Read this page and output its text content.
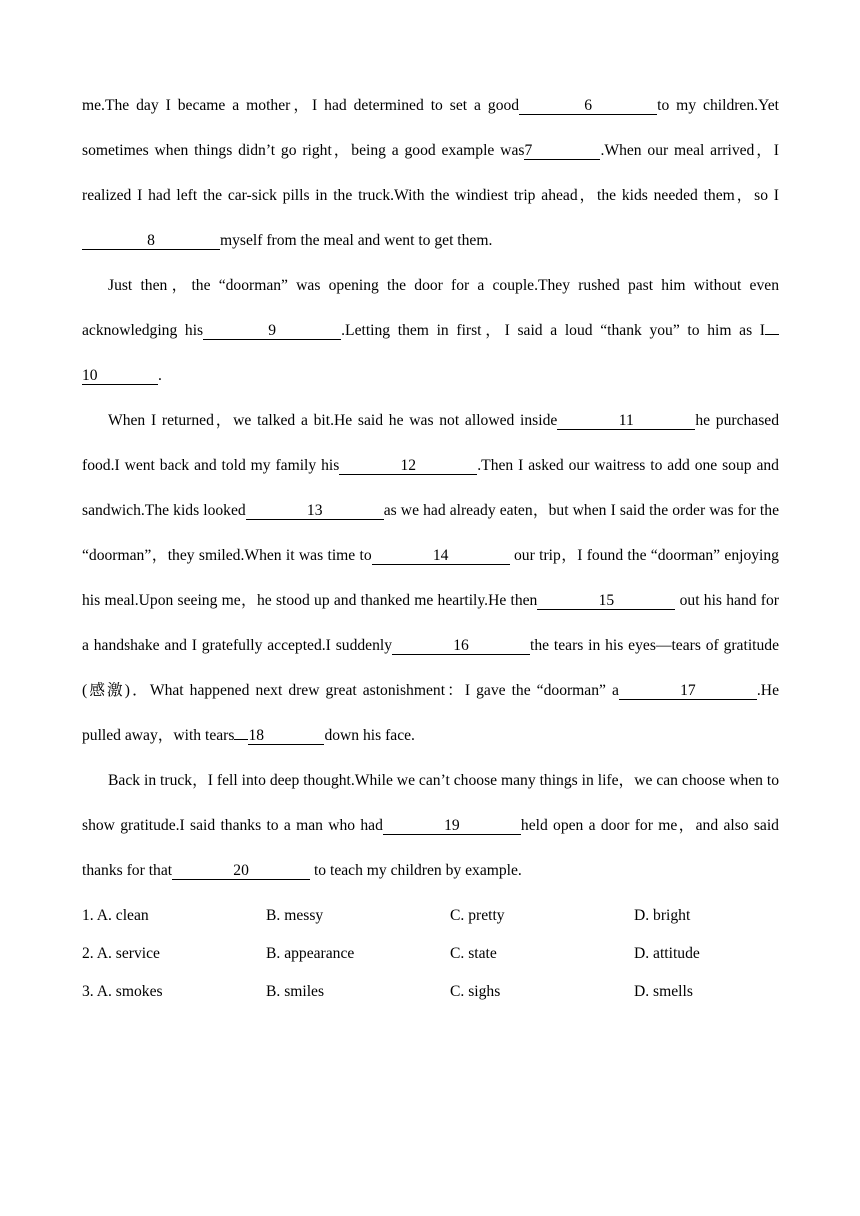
me.The day I became a mother，I had determined to set a good	6	to my children.Yet sometimes when things didn’t go right，being a good example was7	.When our meal arrived，I realized I had left the car-sick pills in the truck.With the windiest trip ahead，the kids needed them，so I8	myself from the meal and went to get them.

Just then，the “doorman” was opening the door for a couple.They rushed past him without even acknowledging his	9	.Letting them in first，I said a loud “thank you” to him as I10	.

When I returned，we talked a bit.He said he was not allowed inside	11	he purchased food.I went back and told my family his	12	.Then I asked our waitress to add one soup and sandwich.The kids looked	13	as we had already eaten，but when I said the order was for the “doorman”，they smiled.When it was time to	14	our trip，I found the “doorman” enjoying his meal.Upon seeing me，he stood up and thanked me heartily.He then	15	out his hand for a handshake and I gratefully accepted.I suddenly	16	the tears in his eyes—tears of gratitude (感激)．What happened next drew great astonishment：I gave the “doorman” a	17	.He pulled away，with tears 18	down his face.

Back in truck，I fell into deep thought.While we can’t choose many things in life，we can choose when to show gratitude.I said thanks to a man who had	19	held open a door for me，and also said thanks for that	20	to teach my children by example.

1. A. clean	B. messy	C. pretty	D. bright
2. A. service	B. appearance	C. state	D. attitude
3. A. smokes	B. smiles	C. sighs	D. smells
